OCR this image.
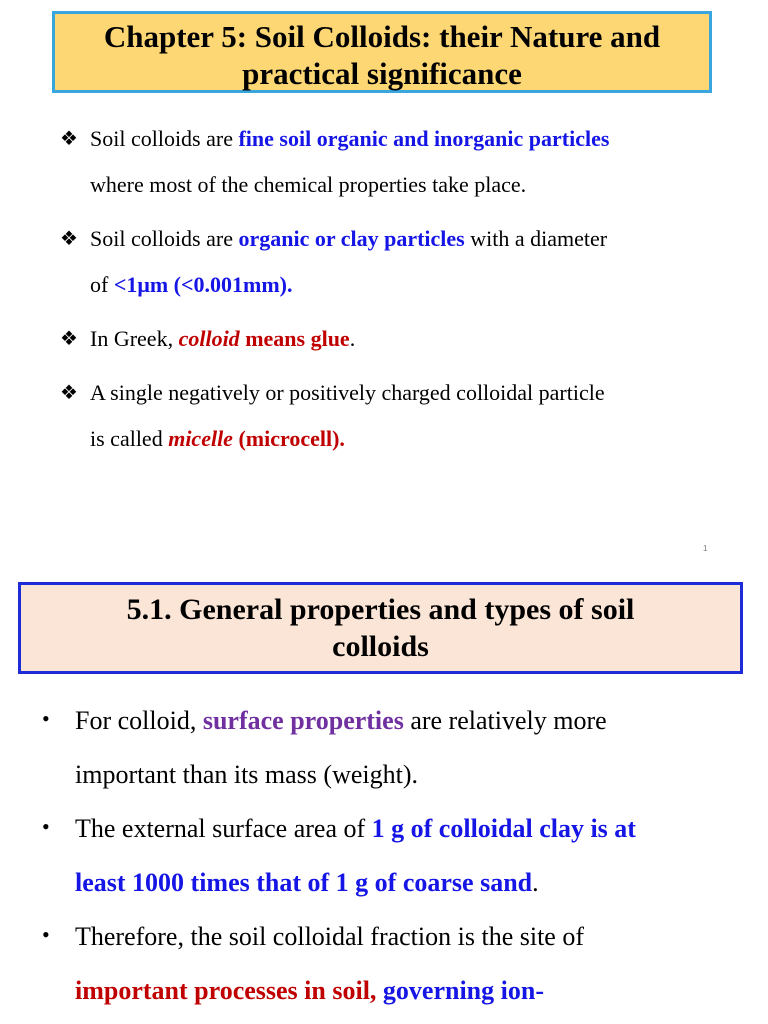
Chapter 5: Soil Colloids: their Nature and
practical significance
❖ Soil colloids are fine soil organic and inorganic particles
where most of the chemical properties take place.
❖ Soil colloids are organic or clay particles with a diameter
of <1μm (<0.001mm).
❖ In Greek, colloid means glue.
❖ A single negatively or positively charged colloidal particle
is called micelle (microcell).
1
5.1. General properties and types of soil
colloids
• For colloid, surface properties are relatively more
important than its mass (weight).
• The external surface area of 1 g of colloidal clay is at
least 1000 times that of 1 g of coarse sand.
• Therefore, the soil colloidal fraction is the site of
important processes in soil, governing ion-
